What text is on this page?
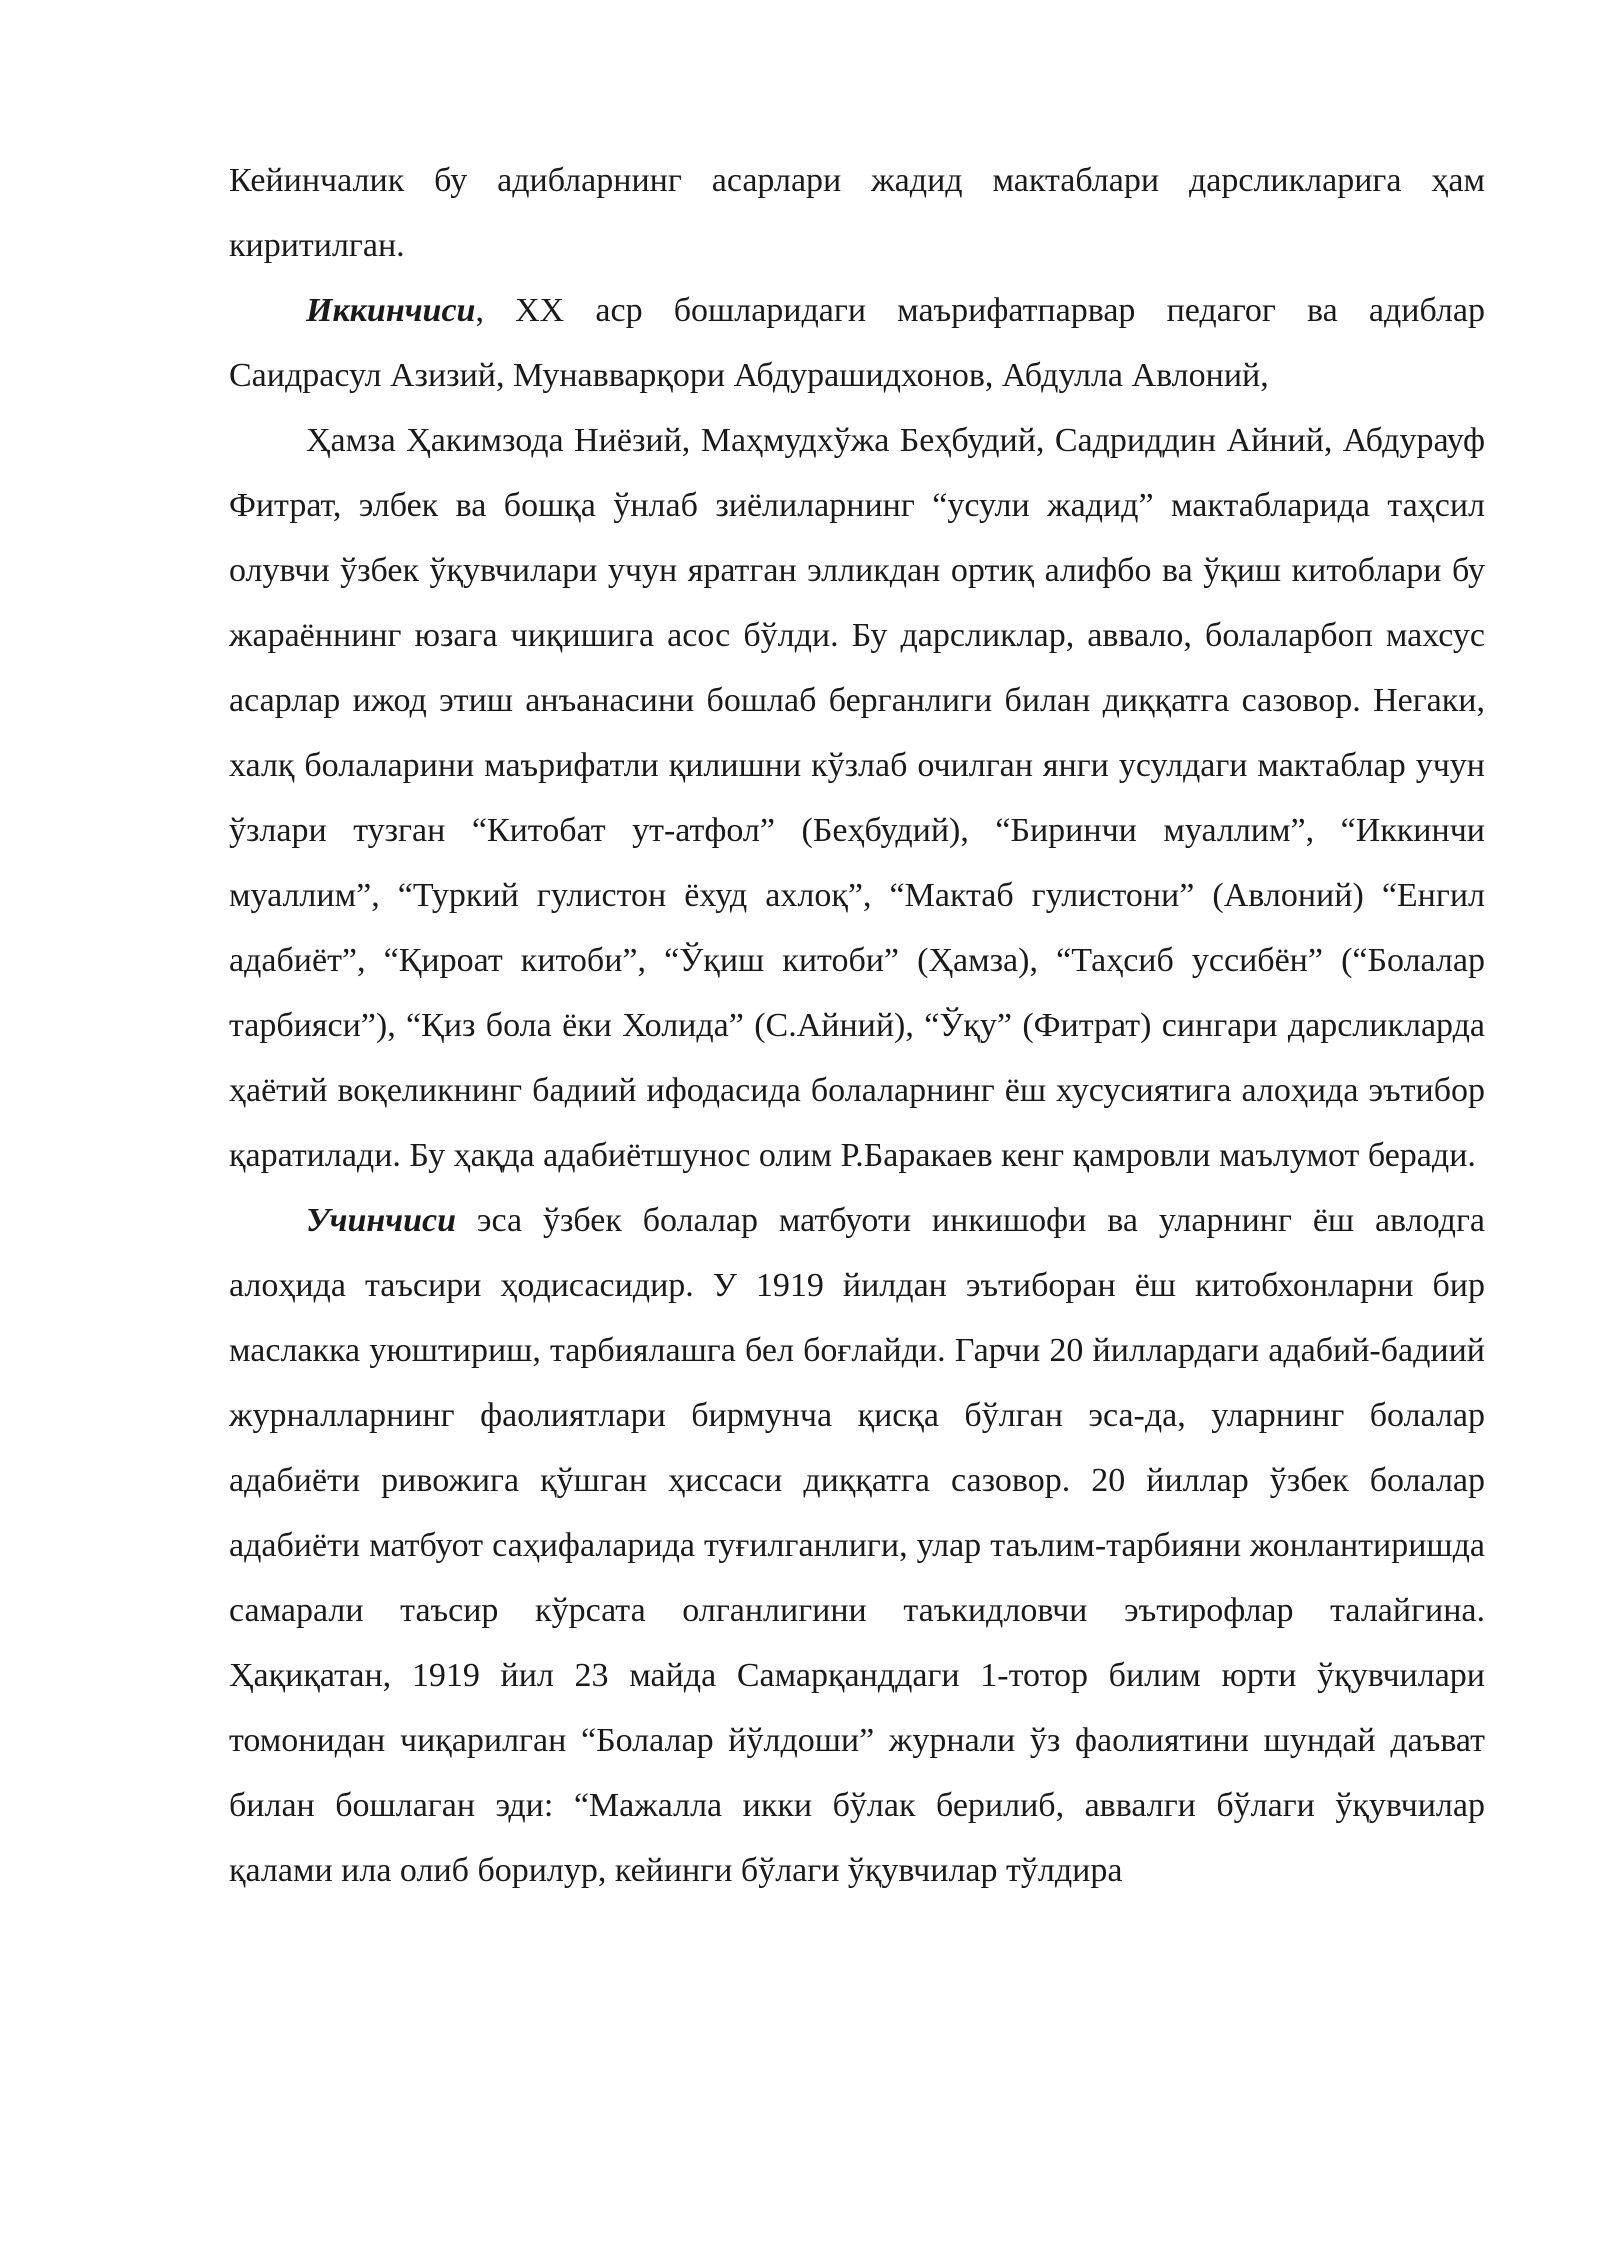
Кейинчалик бу адибларнинг асарлари жадид мактаблари дарсликларига ҳам киритилган.

Иккинчиси, ХХ аср бошларидаги маърифатпарвар педагог ва адиблар Саидрасул Азизий, Мунавварқори Абдурашидхонов, Абдулла Авлоний,

Ҳамза Ҳакимзода Ниёзий, Маҳмудхўжа Беҳбудий, Садриддин Айний, Абдурауф Фитрат, элбек ва бошқа ўнлаб зиёлиларнинг “усули жадид” мактабларида таҳсил олувчи ўзбек ўқувчилари учун яратган элликдан ортиқ алифбо ва ўқиш китоблари бу жараённинг юзага чиқишига асос бўлди. Бу дарсликлар, аввало, болаларбоп махсус асарлар ижод этиш анъанасини бошлаб берганлиги билан диққатга сазовор. Негаки, халқ болаларини маърифатли қилишни кўзлаб очилган янги усулдаги мактаблар учун ўзлари тузган “Китобат ут-атфол” (Беҳбудий), “Биринчи муаллим”, “Иккинчи муаллим”, “Туркий гулистон ёхуд ахлоқ”, “Мактаб гулистони” (Авлоний) “Енгил адабиёт”, “Қироат китоби”, “Ўқиш китоби” (Ҳамза), “Таҳсиб уссибён” (“Болалар тарбияси”), “Қиз бола ёки Холида” (С.Айний), “Ўқу” (Фитрат) сингари дарсликларда ҳаётий воқеликнинг бадиий ифодасида болаларнинг ёш хусусиятига алоҳида эътибор қаратилади. Бу ҳақда адабиётшунос олим Р.Баракаев кенг қамровли маълумот беради.

Учинчиси эса ўзбек болалар матбуоти инкишофи ва уларнинг ёш авлодга алоҳида таъсири ҳодисасидир. У 1919 йилдан эътиборан ёш китобхонларни бир маслакка уюштириш, тарбиялашга бел боғлайди. Гарчи 20 йиллардаги адабий-бадиий журналларнинг фаолиятлари бирмунча қисқа бўлган эса-да, уларнинг болалар адабиёти ривожига қўшган ҳиссаси диққатга сазовор. 20 йиллар ўзбек болалар адабиёти матбуот саҳифаларида туғилганлиги, улар таълим-тарбияни жонлантиришда самарали таъсир кўрсата олганлигини таъкидловчи эътирофлар талайгина. Ҳақиқатан, 1919 йил 23 майда Самарқанддаги 1-тотор билим юрти ўқувчилари томонидан чиқарилган “Болалар йўлдоши” журнали ўз фаолиятини шундай даъват билан бошлаган эди: “Мажалла икки бўлак берилиб, аввалги бўлаги ўқувчилар қалами ила олиб борилур, кейинги бўлаги ўқувчилар тўлдира
